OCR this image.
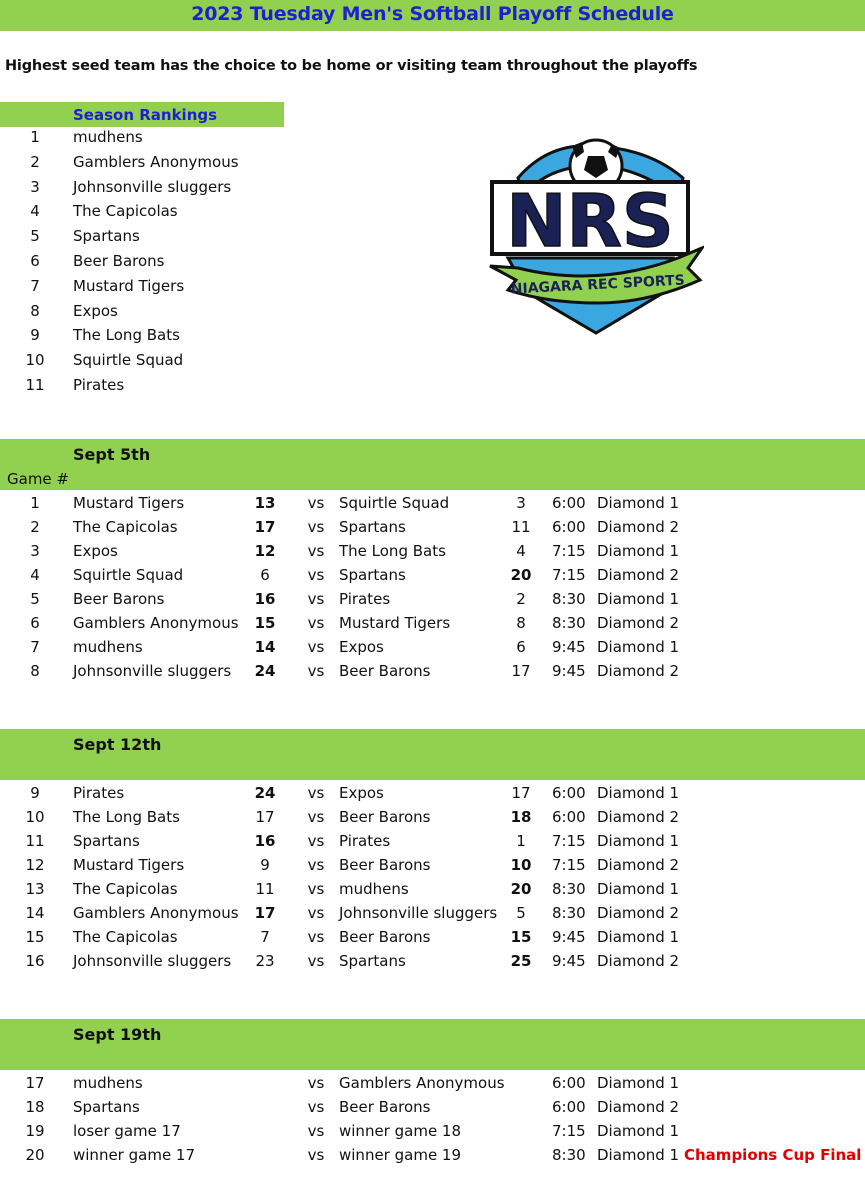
2023 Tuesday Men's Softball Playoff Schedule
Highest seed team has the choice to be home or visiting team throughout the playoffs
Season Rankings
1	mudhens
2	Gamblers Anonymous
3	Johnsonville sluggers
4	The Capicolas
5	Spartans
6	Beer Barons
7	Mustard Tigers
8	Expos
9	The Long Bats
10	Squirtle Squad
11	Pirates
NRS
NIAGARA REC SPORTS
Sept 5th
Game #
1	Mustard Tigers	13	vs Squirtle Squad	3	6:00 Diamond 1
2	The Capicolas	17	vs Spartans	11	6:00 Diamond 2
3	Expos	12	vs The Long Bats	4	7:15 Diamond 1
4	Squirtle Squad	6	vs Spartans	20	7:15 Diamond 2
5	Beer Barons	16	vs Pirates	2	8:30 Diamond 1
6	Gamblers Anonymous	15	vs Mustard Tigers	8	8:30 Diamond 2
7	mudhens	14	vs Expos	6	9:45 Diamond 1
8	Johnsonville sluggers	24	vs Beer Barons	17	9:45 Diamond 2
Sept 12th
9	Pirates	24	vs Expos	17	6:00 Diamond 1
10	The Long Bats	17	vs Beer Barons	18	6:00 Diamond 2
11	Spartans	16	vs Pirates	1	7:15 Diamond 1
12	Mustard Tigers	9	vs Beer Barons	10	7:15 Diamond 2
13	The Capicolas	11	vs mudhens	20	8:30 Diamond 1
14	Gamblers Anonymous	17	vs Johnsonville sluggers	5	8:30 Diamond 2
15	The Capicolas	7	vs Beer Barons	15	9:45 Diamond 1
16	Johnsonville sluggers	23	vs Spartans	25	9:45 Diamond 2
Sept 19th
17	mudhens	vs Gamblers Anonymous	6:00 Diamond 1
18	Spartans	vs Beer Barons	6:00 Diamond 2
19	loser game 17	vs winner game 18	7:15 Diamond 1
20	winner game 17	vs winner game 19	8:30 Diamond 1 Champions Cup Final
